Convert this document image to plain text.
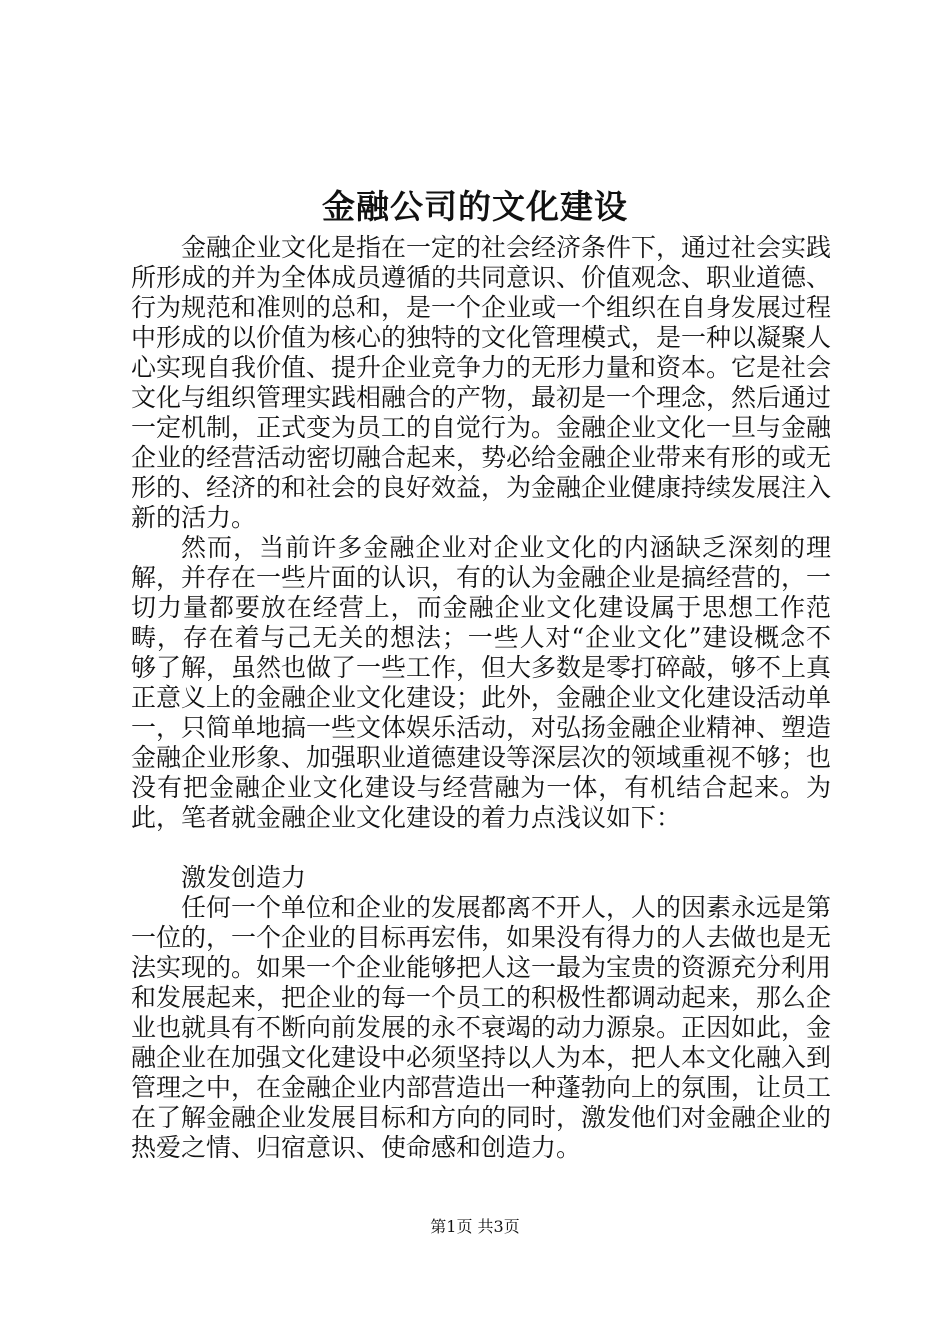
金融公司的文化建设

金融企业文化是指在一定的社会经济条件下，通过社会实践所形成的并为全体成员遵循的共同意识、价值观念、职业道德、行为规范和准则的总和，是一个企业或一个组织在自身发展过程中形成的以价值为核心的独特的文化管理模式，是一种以凝聚人心实现自我价值、提升企业竞争力的无形力量和资本。它是社会文化与组织管理实践相融合的产物，最初是一个理念，然后通过一定机制，正式变为员工的自觉行为。金融企业文化一旦与金融企业的经营活动密切融合起来，势必给金融企业带来有形的或无形的、经济的和社会的良好效益，为金融企业健康持续发展注入新的活力。

然而，当前许多金融企业对企业文化的内涵缺乏深刻的理解，并存在一些片面的认识，有的认为金融企业是搞经营的，一切力量都要放在经营上，而金融企业文化建设属于思想工作范畴，存在着与己无关的想法；一些人对“企业文化”建设概念不够了解，虽然也做了一些工作，但大多数是零打碎敲，够不上真正意义上的金融企业文化建设；此外，金融企业文化建设活动单一，只简单地搞一些文体娱乐活动，对弘扬金融企业精神、塑造金融企业形象、加强职业道德建设等深层次的领域重视不够；也没有把金融企业文化建设与经营融为一体，有机结合起来。为此，笔者就金融企业文化建设的着力点浅议如下：

激发创造力

任何一个单位和企业的发展都离不开人，人的因素永远是第一位的，一个企业的目标再宏伟，如果没有得力的人去做也是无法实现的。如果一个企业能够把人这一最为宝贵的资源充分利用和发展起来，把企业的每一个员工的积极性都调动起来，那么企业也就具有不断向前发展的永不衰竭的动力源泉。正因如此，金融企业在加强文化建设中必须坚持以人为本，把人本文化融入到管理之中，在金融企业内部营造出一种蓬勃向上的氛围，让员工在了解金融企业发展目标和方向的同时，激发他们对金融企业的热爱之情、归宿意识、使命感和创造力。

第1页 共3页
